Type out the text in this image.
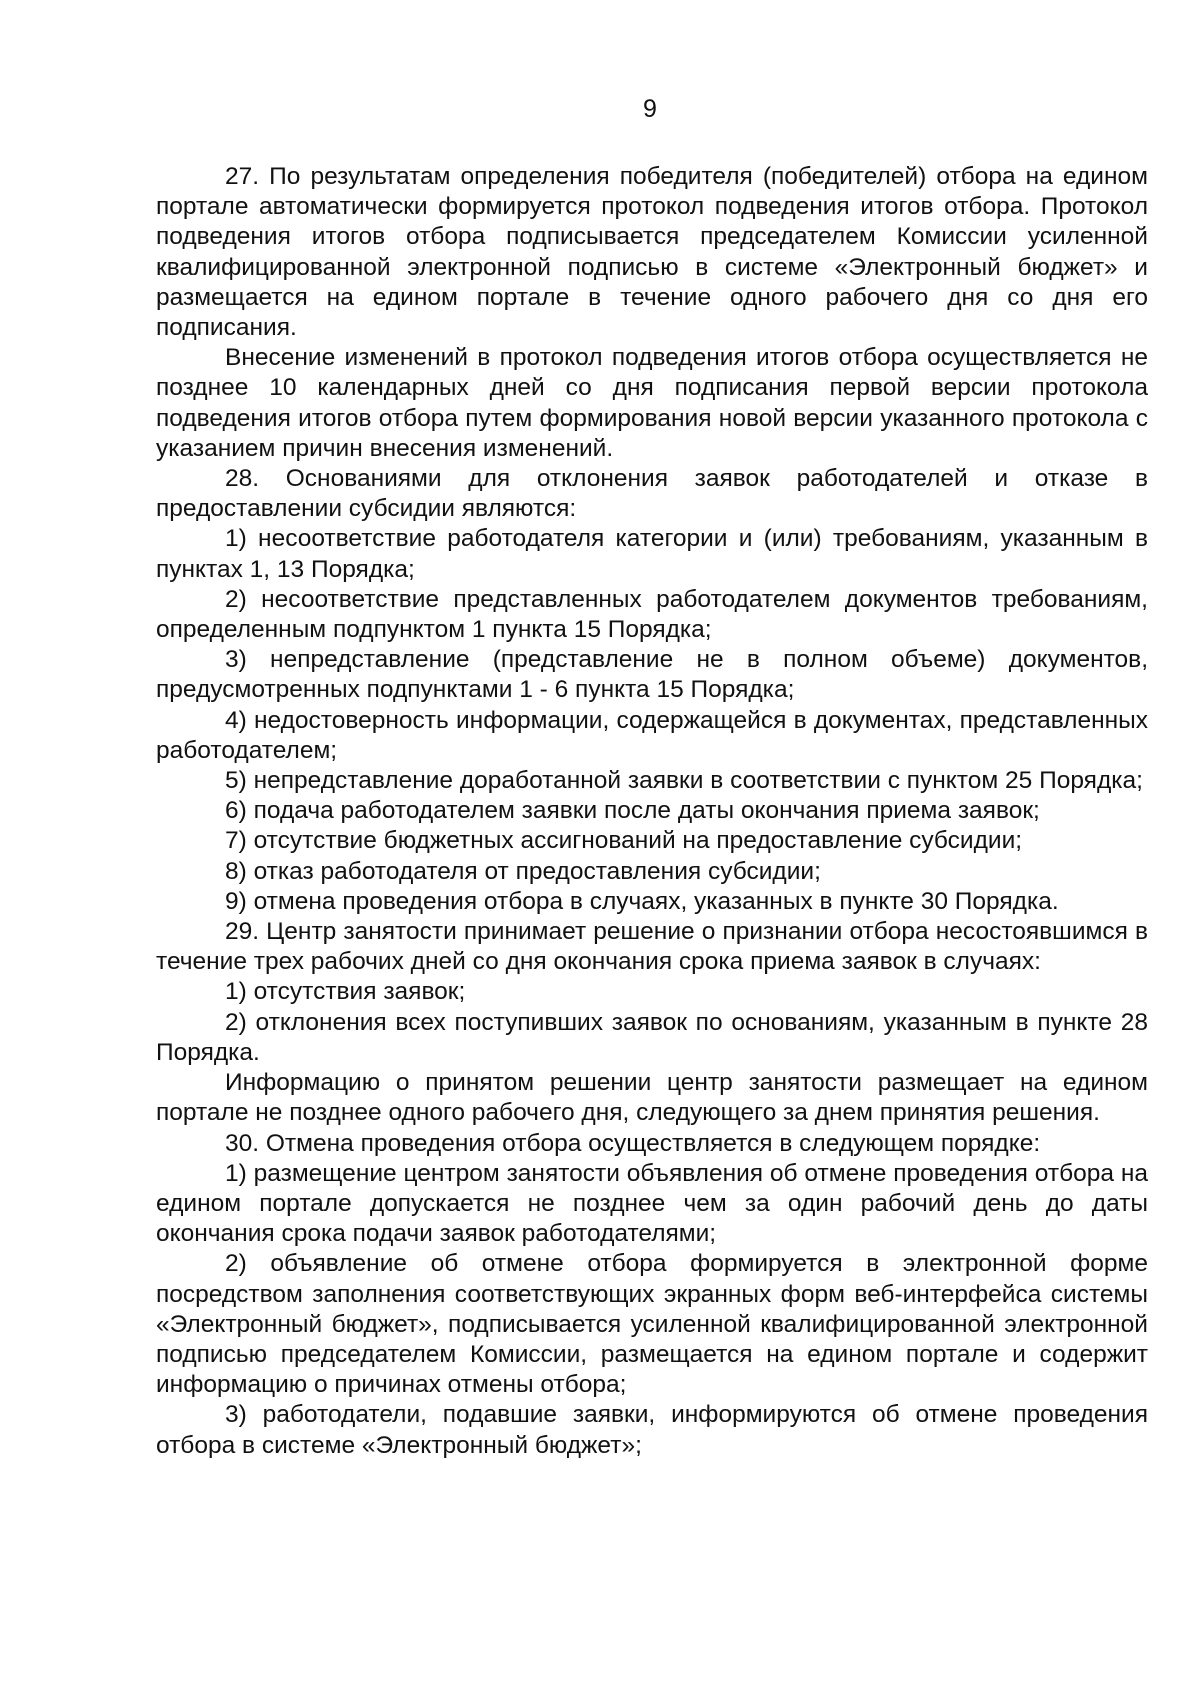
9

27. По результатам определения победителя (победителей) отбора на едином портале автоматически формируется протокол подведения итогов отбора. Протокол подведения итогов отбора подписывается председателем Комиссии усиленной квалифицированной электронной подписью в системе «Электронный бюджет» и размещается на едином портале в течение одного рабочего дня со дня его подписания.

Внесение изменений в протокол подведения итогов отбора осуществляется не позднее 10 календарных дней со дня подписания первой версии протокола подведения итогов отбора путем формирования новой версии указанного протокола с указанием причин внесения изменений.

28. Основаниями для отклонения заявок работодателей и отказе в предоставлении субсидии являются:

1) несоответствие работодателя категории и (или) требованиям, указанным в пунктах 1, 13 Порядка;

2) несоответствие представленных работодателем документов требованиям, определенным подпунктом 1 пункта 15 Порядка;

3) непредставление (представление не в полном объеме) документов, предусмотренных подпунктами 1 - 6 пункта 15 Порядка;

4) недостоверность информации, содержащейся в документах, представленных работодателем;

5) непредставление доработанной заявки в соответствии с пунктом 25 Порядка;

6) подача работодателем заявки после даты окончания приема заявок;

7) отсутствие бюджетных ассигнований на предоставление субсидии;

8) отказ работодателя от предоставления субсидии;

9) отмена проведения отбора в случаях, указанных в пункте 30 Порядка.

29. Центр занятости принимает решение о признании отбора несостоявшимся в течение трех рабочих дней со дня окончания срока приема заявок в случаях:

1) отсутствия заявок;

2) отклонения всех поступивших заявок по основаниям, указанным в пункте 28 Порядка.

Информацию о принятом решении центр занятости размещает на едином портале не позднее одного рабочего дня, следующего за днем принятия решения.

30. Отмена проведения отбора осуществляется в следующем порядке:

1) размещение центром занятости объявления об отмене проведения отбора на едином портале допускается не позднее чем за один рабочий день до даты окончания срока подачи заявок работодателями;

2) объявление об отмене отбора формируется в электронной форме посредством заполнения соответствующих экранных форм веб-интерфейса системы «Электронный бюджет», подписывается усиленной квалифицированной электронной подписью председателем Комиссии, размещается на едином портале и содержит информацию о причинах отмены отбора;

3) работодатели, подавшие заявки, информируются об отмене проведения отбора в системе «Электронный бюджет»;
